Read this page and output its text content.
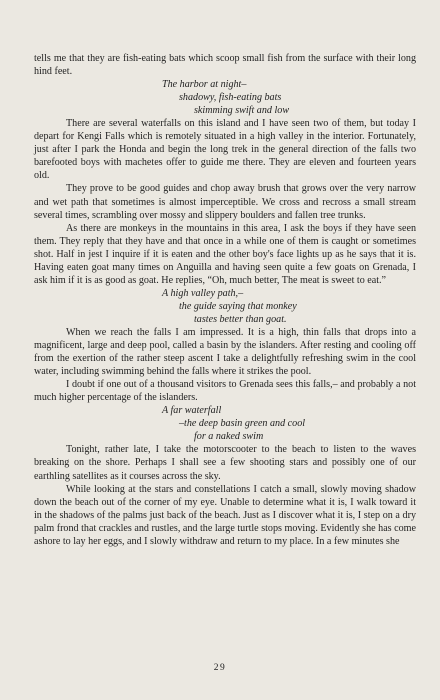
tells me that they are fish-eating bats which scoop small fish from the surface with their long hind feet.

The harbor at night–
shadowy, fish-eating bats
skimming swift and low

There are several waterfalls on this island and I have seen two of them, but today I depart for Kengi Falls which is remotely situated in a high valley in the interior. Fortunately, just after I park the Honda and begin the long trek in the general direction of the falls two barefooted boys with machetes offer to guide me there. They are eleven and fourteen years old.

They prove to be good guides and chop away brush that grows over the very narrow and wet path that sometimes is almost imperceptible. We cross and recross a small stream several times, scrambling over mossy and slippery boulders and fallen tree trunks.

As there are monkeys in the mountains in this area, I ask the boys if they have seen them. They reply that they have and that once in a while one of them is caught or sometimes shot. Half in jest I inquire if it is eaten and the other boy's face lights up as he says that it is. Having eaten goat many times on Anguilla and having seen quite a few goats on Grenada, I ask him if it is as good as goat. He replies, “Oh, much better, The meat is sweet to eat.”

A high valley path,–
the guide saying that monkey
tastes better than goat.

When we reach the falls I am impressed. It is a high, thin falls that drops into a magnificent, large and deep pool, called a basin by the islanders. After resting and cooling off from the exertion of the rather steep ascent I take a delightfully refreshing swim in the cool water, including swimming behind the falls where it strikes the pool.

I doubt if one out of a thousand visitors to Grenada sees this falls,– and probably a not much higher percentage of the islanders.

A far waterfall
–the deep basin green and cool
for a naked swim

Tonight, rather late, I take the motorscooter to the beach to listen to the waves breaking on the shore. Perhaps I shall see a few shooting stars and possibly one of our earthling satellites as it courses across the sky.

While looking at the stars and constellations I catch a small, slowly moving shadow down the beach out of the corner of my eye. Unable to determine what it is, I walk toward it in the shadows of the palms just back of the beach. Just as I discover what it is, I step on a dry palm frond that crackles and rustles, and the large turtle stops moving. Evidently she has come ashore to lay her eggs, and I slowly withdraw and return to my place. In a few minutes she

29
